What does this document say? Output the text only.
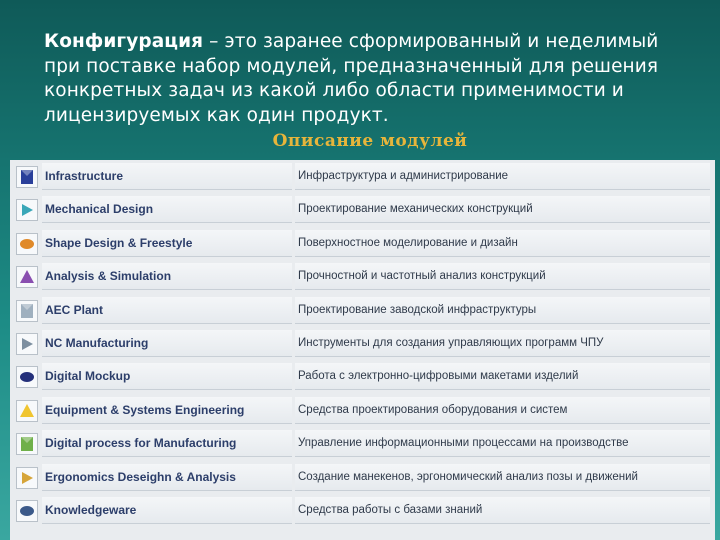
Конфигурация – это заранее сформированный и неделимый при поставке набор модулей, предназначенный для решения конкретных задач из какой либо области применимости и лицензируемых как один продукт.
Описание модулей
Infrastructure	Инфраструктура и администрирование
Mechanical Design	Проектирование механических конструкций
Shape Design & Freestyle	Поверхностное моделирование и дизайн
Analysis & Simulation	Прочностной и частотный анализ конструкций
AEC Plant	Проектирование заводской инфраструктуры
NC Manufacturing	Инструменты для создания управляющих программ ЧПУ
Digital Mockup	Работа с электронно-цифровыми макетами изделий
Equipment & Systems Engineering	Средства проектирования оборудования и систем
Digital process for Manufacturing	Управление информационными процессами на производстве
Ergonomics Deseighn & Analysis	Создание манекенов, эргономический анализ позы и движений
Knowledgeware	Средства работы с базами знаний
